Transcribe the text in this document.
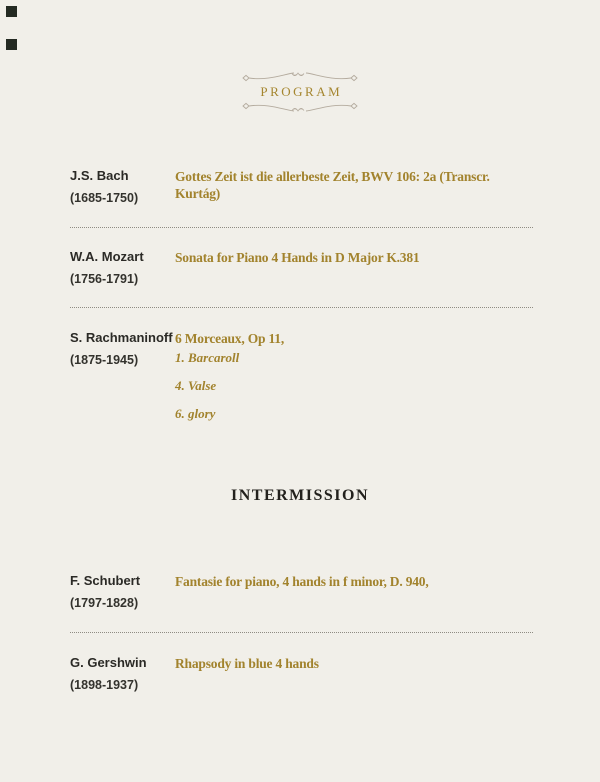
PROGRAM
J.S. Bach
(1685-1750)
Gottes Zeit ist die allerbeste Zeit, BWV 106: 2a (Transcr. Kurtág)
W.A. Mozart
(1756-1791)
Sonata for Piano 4 Hands in D Major K.381
S. Rachmaninoff
(1875-1945)
6 Morceaux, Op 11,
1. Barcaroll
4. Valse
6. glory
INTERMISSION
F. Schubert
(1797-1828)
Fantasie for piano, 4 hands in f minor, D. 940,
G. Gershwin
(1898-1937)
Rhapsody in blue 4 hands
